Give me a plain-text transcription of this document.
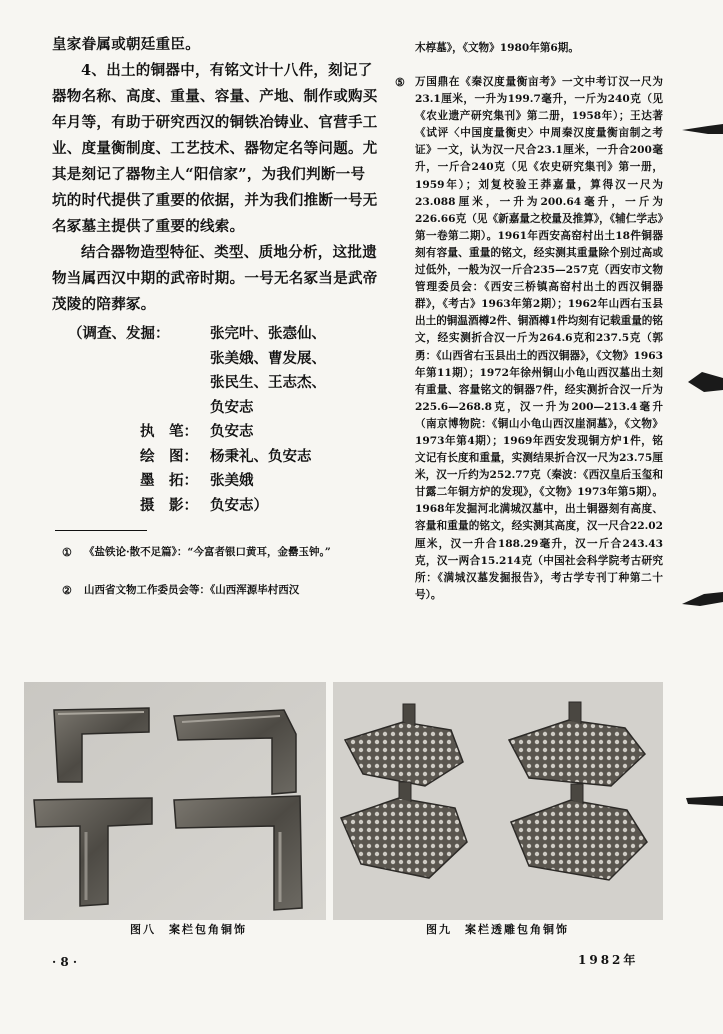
皇家眷属或朝廷重臣。

4、出土的铜器中，有铭文计十八件，刻记了器物名称、高度、重量、容量、产地、制作或购买年月等，有助于研究西汉的铜铁冶铸业、官营手工业、度量衡制度、工艺技术、器物定名等问题。尤其是刻记了器物主人“阳信家”，为我们判断一号坑的时代提供了重要的依据，并为我们推断一号无名冢墓主提供了重要的线索。

结合器物造型特征、类型、质地分析，这批遗物当属西汉中期的武帝时期。一号无名冢当是武帝茂陵的陪葬冢。

（调查、发掘：	张完叶、张悫仙、
张美娥、曹发展、
张民生、王志杰、
负安志
执　笔： 负安志
绘　图： 杨秉礼、负安志
墨　拓： 张美娥
摄　影： 负安志）
① 《盐铁论·散不足篇》：“今富者银口黄耳，金罍玉钟。”
② 山西省文物工作委员会等：《山西浑源毕村西汉
木椁墓》，《文物》1980年第6期。
⑤ 万国鼎在《秦汉度量衡亩考》一文中考订汉一尺为23.1厘米，一升为199.7毫升，一斤为240克（见《农业遗产研究集刊》第二册，1958年）；王达著《试评〈中国度量衡史〉中周秦汉度量衡亩制之考证》一文，认为汉一尺合23.1厘米，一升合200毫升，一斤合240克（见《农史研究集刊》第一册，1959年）；刘复校验王莽嘉量，算得汉一尺为23.088厘米，一升为200.64毫升，一斤为226.66克（见《新嘉量之校量及推算》，《辅仁学志》第一卷第二期）。1961年西安高窑村出土18件铜器刻有容量、重量的铭文，经实测其重量除个别过高或过低外，一般为汉一斤合235—257克（西安市文物管理委员会：《西安三桥镇高窑村出土的西汉铜器群》，《考古》1963年第2期）；1962年山西右玉县出土的铜温酒樽2件、铜酒樽1件均刻有记载重量的铭文，经实测折合汉一斤为264.6克和237.5克（郭勇：《山西省右玉县出土的西汉铜器》，《文物》1963年第11期）；1972年徐州铜山小龟山西汉墓出土刻有重量、容量铭文的铜器7件，经实测折合汉一斤为225.6—268.8克，汉一升为200—213.4毫升（南京博物院：《铜山小龟山西汉崖洞墓》，《文物》1973年第4期）；1969年西安发现铜方炉1件，铭文记有长度和重量，实测结果折合汉一尺为23.75厘米，汉一斤约为252.77克（秦波：《西汉皇后玉玺和甘露二年铜方炉的发现》，《文物》1973年第5期）。1968年发掘河北满城汉墓中，出土铜器刻有高度、容量和重量的铭文，经实测其高度，汉一尺合22.02厘米，汉一升合188.29毫升，汉一斤合243.43克，汉一两合15.214克（中国社会科学院考古研究所：《满城汉墓发掘报告》，考古学专刊丁种第二十号）。
图八　案栏包角铜饰	图九　案栏透雕包角铜饰
· 8 ·	1982年
